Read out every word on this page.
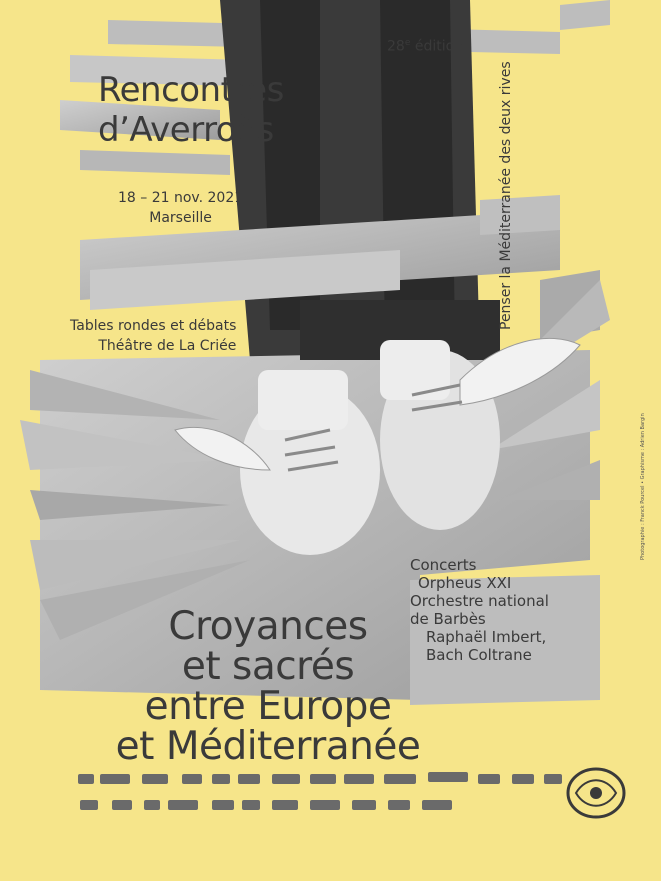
28e édition
Rencontres
d’Averroès
18 – 21 nov. 2021
Marseille
Tables rondes et débats
Théâtre de La Criée
Penser la Méditerranée des deux rives
Concerts
Orpheus XXI
Orchestre national
de Barbès
Raphaël Imbert,
Bach Coltrane
Croyances
et sacrés
entre Europe
et Méditerranée
Photographie : Franck Pourcel • Graphisme : Adrien Bargin
